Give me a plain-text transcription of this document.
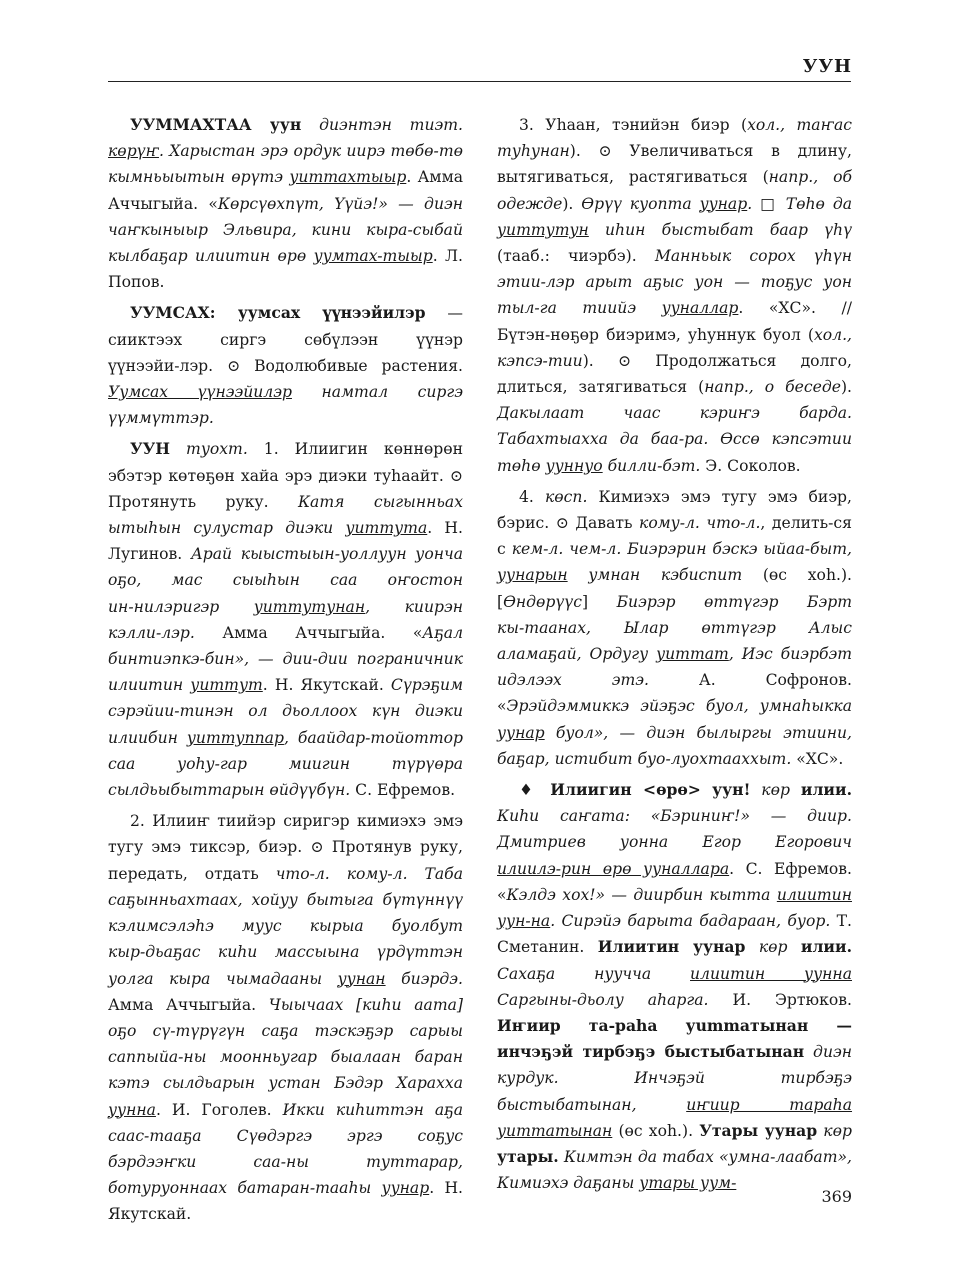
УУН

УУММАХТАА уун диэнтэн тиэт. көрүҥ. Харыстан эрэ ордук иирэ төбө-тө кымньыытын өрүтэ уummaxтыыр. Амма Аччыгыйа. «Көрсүөхпүт, Үүйэ!» — диэн чаҥкыныыр Эльвира, кини кыра-сыбай кылбаҕар илиитин өрө уумmax-тыыр. Л. Попов.

УУМСАХ: уумсах үүнээйилэр — сииктээх сиргэ сөбүлээн үүнэр үүнээйи-лэр. ⊙ Водолюбивые растения. Уумсах үүнээйилэр намтал сиргэ үүммүттэр.

УУН туохт. 1. Илиигин көннөрөн эбэтэр көтөҕөн хайа эрэ диэки туһаайт. ⊙ Протянуть руку. Катя сыгынньах ытыһын сулустар диэки уummута. Н. Лугинов. Арай кыыстыын-уоллуун уонча оҕо, мас сыыһын саа оҥостон ин-нилэригэр уummутунан, киирэн кэлли-лэр. Амма Аччыгыйа. «Аҕал бинтиэпкэ-бин», — дии-дии пограничник илиитин уummут. Н. Якутскай. Сүрэҕим сэрэйии-тинэн ол дьоллоох күн диэки илиибин уummуппар, баайдар-тойоттор саа уоһу-гар миигин түрүөра сылдьыбыттарын өйдүүбүн. С. Ефремов.

2. Илииҥ тиийэр сиригэр кимиэхэ эмэ тугу эмэ тиксэр, биэр. ⊙ Протянув руку, передать, отдать что-л. кому-л. Таба саҕынньахтаах, хойуу бытыга бүтүннүү кэлимсэлэһэ муус кырыа буолбут кыр-дьаҕас киһи массыына үрдүттэн уолга кыра чымадааны уунан биэрдэ. Амма Аччыгыйа. Чыычаах [киһи аата] оҕо сү-түрүгүн саҕа тэскэҕэр сарыы саппыйа-ны моонньугар быалаан баран кэтэ сылдьарын устан Бэдэр Харахха уунна. И. Гоголев. Икки киһиттэн аҕа саас-тааҕа Сүөдэргэ эргэ соҕус бэрдээҥки саа-ны туттарар, ботуруоннаах батаран-тааһы уунар. Н. Якутскай.

3. Уһаан, тэнийэн биэр (хол., таҥас туһунан). ⊙ Увеличиваться в длину, вытягиваться, растягиваться (напр., об одежде). Өрүү куопта уунар. □ Төһө да уummутун иһин быстыбат баар үһү (тааб.: чиэрбэ). Манньык сорох үһүн этии-лэр арыт аҕыс уон — тоҕус уон тыл-га тиийэ ууналлар. «ХС». // Бүтэн-нөҕөр биэримэ, уһуннук буол (хол., кэпсэ-тии). ⊙ Продолжаться долго, длиться, затягиваться (напр., о беседе). Дакылаат чаас кэриҥэ барда. Табахтыахха да баа-ра. Өссө кэпсэтии төһө ууннуо билли-бэт. Э. Соколов.

4. көсп. Кимиэхэ эмэ тугу эмэ биэр, бэрис. ⊙ Давать кому-л. что-л., делить-ся с кем-л. чем-л. Биэрэрин бэскэ ыйаа-быт, уунарын умнан кэбиспит (өс хоһ.). [Өндөрүүс] Биэрэр өттүгэр Бэрт кы-таанах, Ылар өттүгэр Алыс аламаҕай, Ордугу уummaт, Иэс биэрбэт идэлээх этэ. А. Софронов. «Эрэйдэммиккэ эйэҕэс буол, умнаһыкка уунар буол», — диэн былыргы этиини, баҕар, истибит буо-луохтааххыт. «ХС».

♦ Илиигин <өрө> уун! көр илии. Киһи саҥата: «Бэриниҥ!» — диир. Дмитриев уонна Егор Егорович илиилэ-рин өрө ууналлара. С. Ефремов. «Кэлдэ хох!» — диирбин кытта илиитин уун-на. Сирэйэ барыта бадараан, буор. Т. Сметанин. Илиитин уунар көр илии. Сахаҕа нуучча илиитин уунна Саргыны-дьолу аһарга. И. Эртюков. Иҥиир та-раһа уummaтынан — инчэҕэй тирбэҕэ быстыбатынан диэн курдук. Инчэҕэй тирбэҕэ быстыбатынан, иҥиир тараһа уummaтынан (өс хоһ.). Утары уунар көр утары. Кимтэн да табах «умна-лаабат», Кимиэхэ даҕаны утары уум-

369
